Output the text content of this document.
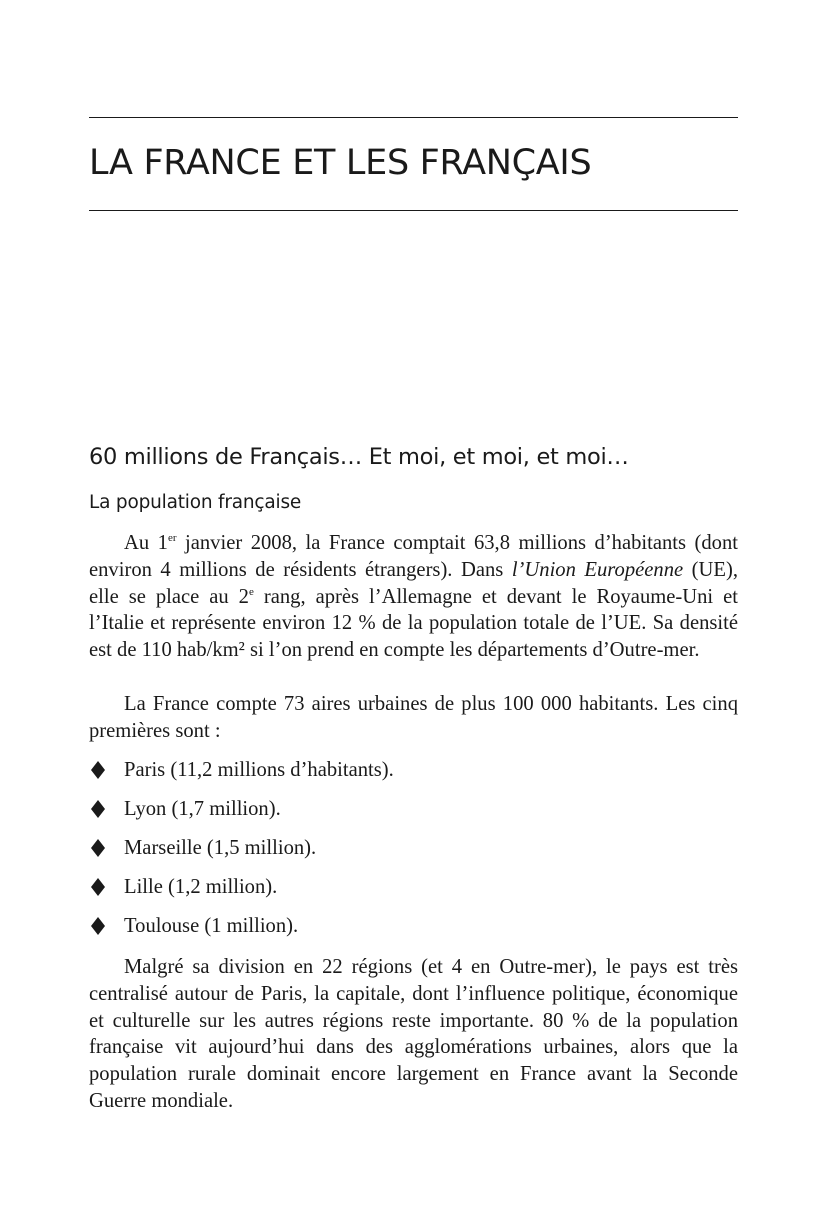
LA FRANCE ET LES FRANÇAIS
60 millions de Français… Et moi, et moi, et moi…
La population française

Au 1er janvier 2008, la France comptait 63,8 millions d’habitants (dont environ 4 millions de résidents étrangers). Dans l’Union Européenne (UE), elle se place au 2e rang, après l’Allemagne et devant le Royaume-Uni et l’Italie et représente environ 12 % de la population totale de l’UE. Sa densité est de 110 hab/km² si l’on prend en compte les départements d’Outre-mer.

La France compte 73 aires urbaines de plus 100 000 habitants. Les cinq premières sont :

Paris (11,2 millions d’habitants).
Lyon (1,7 million).
Marseille (1,5 million).
Lille (1,2 million).
Toulouse (1 million).

Malgré sa division en 22 régions (et 4 en Outre-mer), le pays est très centralisé autour de Paris, la capitale, dont l’influence politique, économique et culturelle sur les autres régions reste importante. 80 % de la population française vit aujourd’hui dans des agglomérations urbaines, alors que la population rurale dominait encore largement en France avant la Seconde Guerre mondiale.
